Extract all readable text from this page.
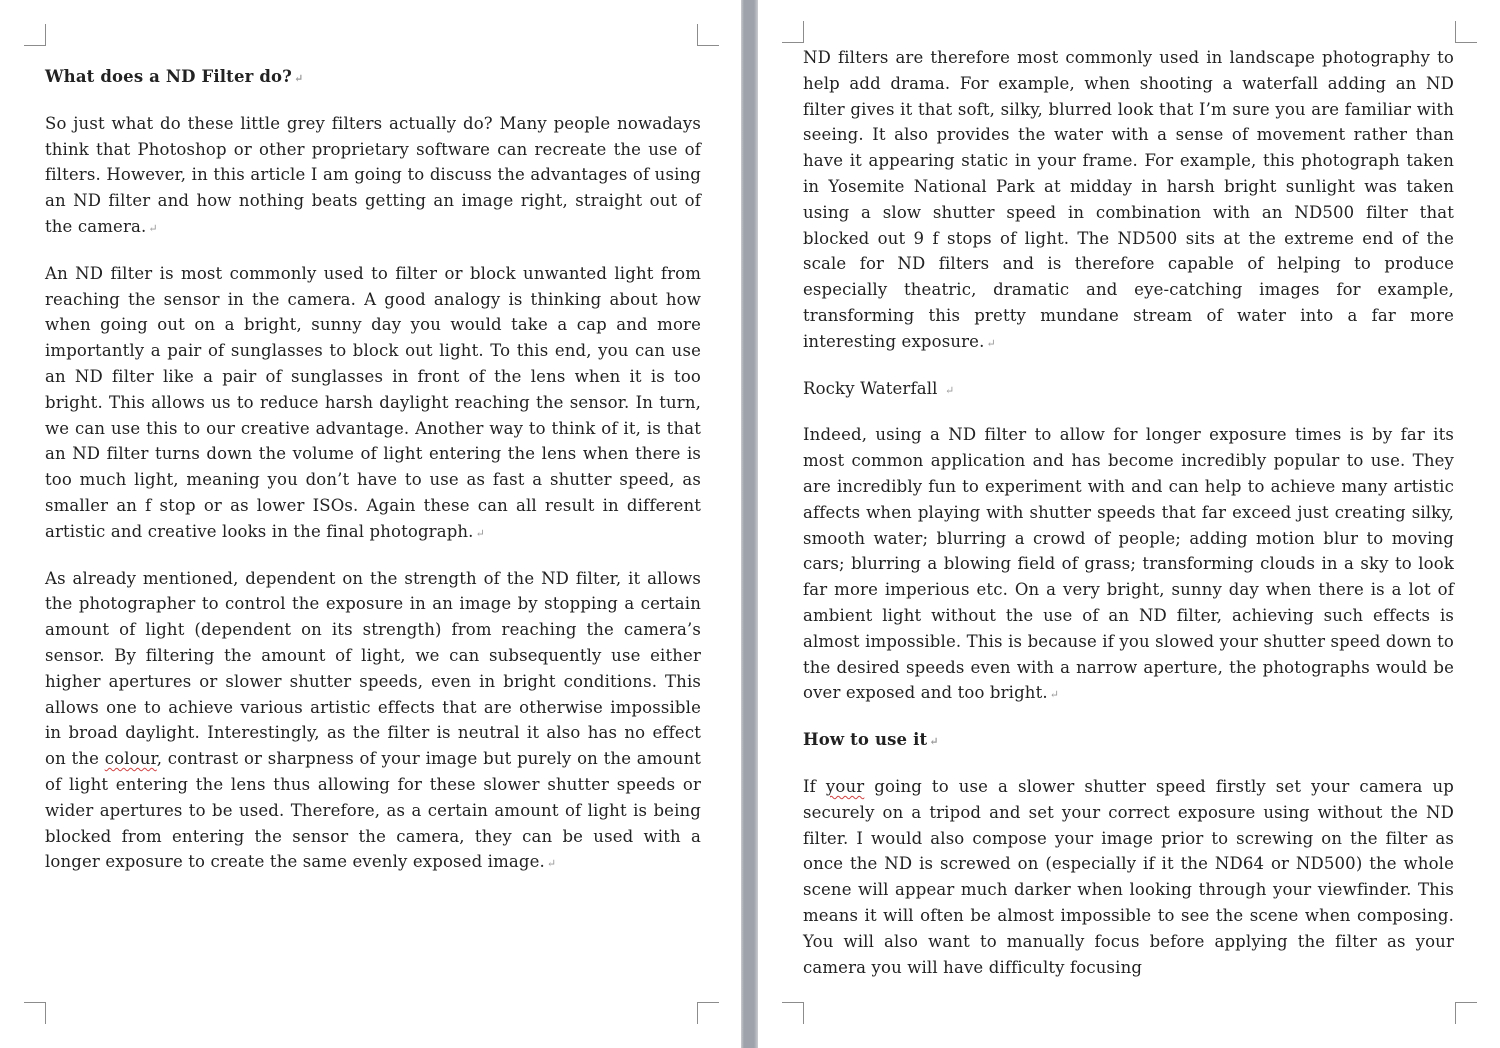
What does a ND Filter do? ↵

So just what do these little grey filters actually do? Many people nowadays think that Photoshop or other proprietary software can recreate the use of filters. However, in this article I am going to discuss the advantages of using an ND filter and how nothing beats getting an image right, straight out of the camera. ↵

An ND filter is most commonly used to filter or block unwanted light from reaching the sensor in the camera. A good analogy is thinking about how when going out on a bright, sunny day you would take a cap and more importantly a pair of sunglasses to block out light. To this end, you can use an ND filter like a pair of sunglasses in front of the lens when it is too bright. This allows us to reduce harsh daylight reaching the sensor. In turn, we can use this to our creative advantage. Another way to think of it, is that an ND filter turns down the volume of light entering the lens when there is too much light, meaning you don’t have to use as fast a shutter speed, as smaller an f stop or as lower ISOs. Again these can all result in different artistic and creative looks in the final photograph. ↵

As already mentioned, dependent on the strength of the ND filter, it allows the photographer to control the exposure in an image by stopping a certain amount of light (dependent on its strength) from reaching the camera’s sensor. By filtering the amount of light, we can subsequently use either higher apertures or slower shutter speeds, even in bright conditions. This allows one to achieve various artistic effects that are otherwise impossible in broad daylight. Interestingly, as the filter is neutral it also has no effect on the colour, contrast or sharpness of your image but purely on the amount of light entering the lens thus allowing for these slower shutter speeds or wider apertures to be used. Therefore, as a certain amount of light is being blocked from entering the sensor the camera, they can be used with a longer exposure to create the same evenly exposed image. ↵

ND filters are therefore most commonly used in landscape photography to help add drama. For example, when shooting a waterfall adding an ND filter gives it that soft, silky, blurred look that I’m sure you are familiar with seeing. It also provides the water with a sense of movement rather than have it appearing static in your frame. For example, this photograph taken in Yosemite National Park at midday in harsh bright sunlight was taken using a slow shutter speed in combination with an ND500 filter that blocked out 9 f stops of light. The ND500 sits at the extreme end of the scale for ND filters and is therefore capable of helping to produce especially theatric, dramatic and eye-catching images for example, transforming this pretty mundane stream of water into a far more interesting exposure. ↵

Rocky Waterfall ↵

Indeed, using a ND filter to allow for longer exposure times is by far its most common application and has become incredibly popular to use. They are incredibly fun to experiment with and can help to achieve many artistic affects when playing with shutter speeds that far exceed just creating silky, smooth water; blurring a crowd of people; adding motion blur to moving cars; blurring a blowing field of grass; transforming clouds in a sky to look far more imperious etc. On a very bright, sunny day when there is a lot of ambient light without the use of an ND filter, achieving such effects is almost impossible. This is because if you slowed your shutter speed down to the desired speeds even with a narrow aperture, the photographs would be over exposed and too bright. ↵

How to use it ↵

If your going to use a slower shutter speed firstly set your camera up securely on a tripod and set your correct exposure using without the ND filter. I would also compose your image prior to screwing on the filter as once the ND is screwed on (especially if it the ND64 or ND500) the whole scene will appear much darker when looking through your viewfinder. This means it will often be almost impossible to see the scene when composing. You will also want to manually focus before applying the filter as your camera you will have difficulty focusing
